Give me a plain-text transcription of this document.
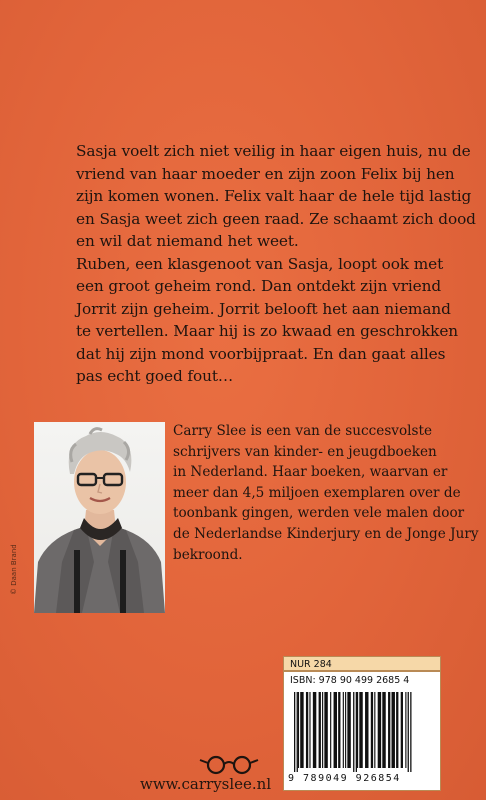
Sasja voelt zich niet veilig in haar eigen huis, nu de
vriend van haar moeder en zijn zoon Felix bij hen
zijn komen wonen. Felix valt haar de hele tijd lastig
en Sasja weet zich geen raad. Ze schaamt zich dood
en wil dat niemand het weet.
Ruben, een klasgenoot van Sasja, loopt ook met
een groot geheim rond. Dan ontdekt zijn vriend
Jorrit zijn geheim. Jorrit belooft het aan niemand
te vertellen. Maar hij is zo kwaad en geschrokken
dat hij zijn mond voorbijpraat. En dan gaat alles
pas echt goed fout…
© Daan Brand
Carry Slee is een van de succesvolste
schrijvers van kinder- en jeugdboeken
in Nederland. Haar boeken, waarvan er
meer dan 4,5 miljoen exemplaren over de
toonbank gingen, werden vele malen door
de Nederlandse Kinderjury en de Jonge Jury
bekroond.
NUR 284
ISBN: 978 90 499 2685 4
9 789049 926854
www.carryslee.nl
